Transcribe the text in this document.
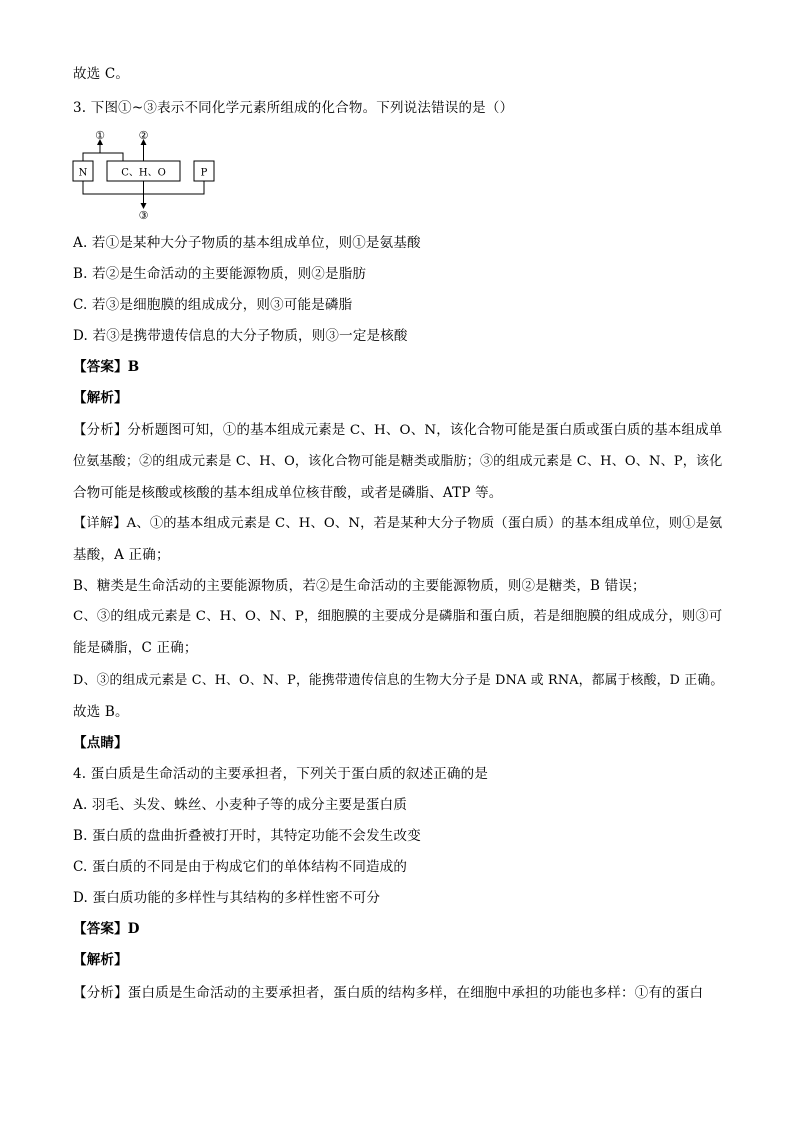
故选 C。
3. 下图①~③表示不同化学元素所组成的化合物。下列说法错误的是（）
N	C、H、O	P
①	②
③
A. 若①是某种大分子物质的基本组成单位，则①是氨基酸
B. 若②是生命活动的主要能源物质，则②是脂肪
C. 若③是细胞膜的组成成分，则③可能是磷脂
D. 若③是携带遗传信息的大分子物质，则③一定是核酸
【答案】B
【解析】
【分析】分析题图可知，①的基本组成元素是 C、H、O、N，该化合物可能是蛋白质或蛋白质的基本组成单
位氨基酸；②的组成元素是 C、H、O，该化合物可能是糖类或脂肪；③的组成元素是 C、H、O、N、P，该化
合物可能是核酸或核酸的基本组成单位核苷酸，或者是磷脂、ATP 等。
【详解】A、①的基本组成元素是 C、H、O、N，若是某种大分子物质（蛋白质）的基本组成单位，则①是氨
基酸，A 正确；
B、糖类是生命活动的主要能源物质，若②是生命活动的主要能源物质，则②是糖类，B 错误；
C、③的组成元素是 C、H、O、N、P，细胞膜的主要成分是磷脂和蛋白质，若是细胞膜的组成成分，则③可
能是磷脂，C 正确；
D、③的组成元素是 C、H、O、N、P，能携带遗传信息的生物大分子是 DNA 或 RNA，都属于核酸，D 正确。
故选 B。
【点睛】
4. 蛋白质是生命活动的主要承担者，下列关于蛋白质的叙述正确的是
A. 羽毛、头发、蛛丝、小麦种子等的成分主要是蛋白质
B. 蛋白质的盘曲折叠被打开时，其特定功能不会发生改变
C. 蛋白质的不同是由于构成它们的单体结构不同造成的
D. 蛋白质功能的多样性与其结构的多样性密不可分
【答案】D
【解析】
【分析】蛋白质是生命活动的主要承担者，蛋白质的结构多样，在细胞中承担的功能也多样：①有的蛋白
